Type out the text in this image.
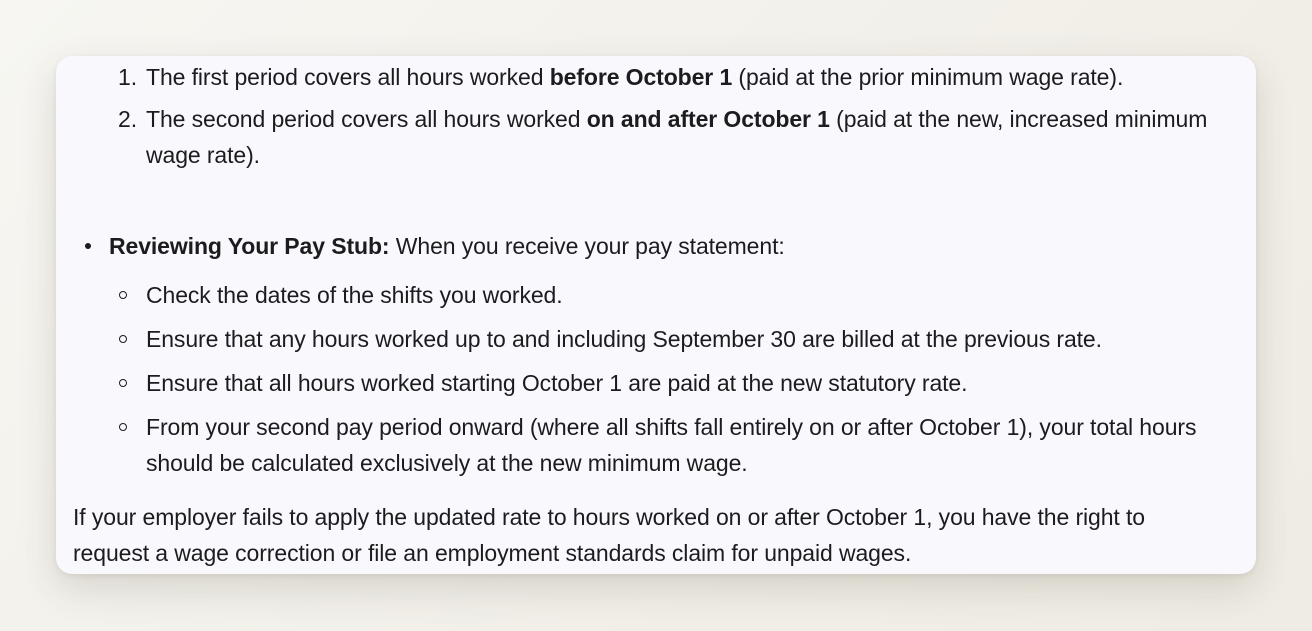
1. The first period covers all hours worked before October 1 (paid at the prior minimum wage rate).
2. The second period covers all hours worked on and after October 1 (paid at the new, increased minimum wage rate).
Reviewing Your Pay Stub: When you receive your pay statement:
Check the dates of the shifts you worked.
Ensure that any hours worked up to and including September 30 are billed at the previous rate.
Ensure that all hours worked starting October 1 are paid at the new statutory rate.
From your second pay period onward (where all shifts fall entirely on or after October 1), your total hours should be calculated exclusively at the new minimum wage.

If your employer fails to apply the updated rate to hours worked on or after October 1, you have the right to request a wage correction or file an employment standards claim for unpaid wages.
